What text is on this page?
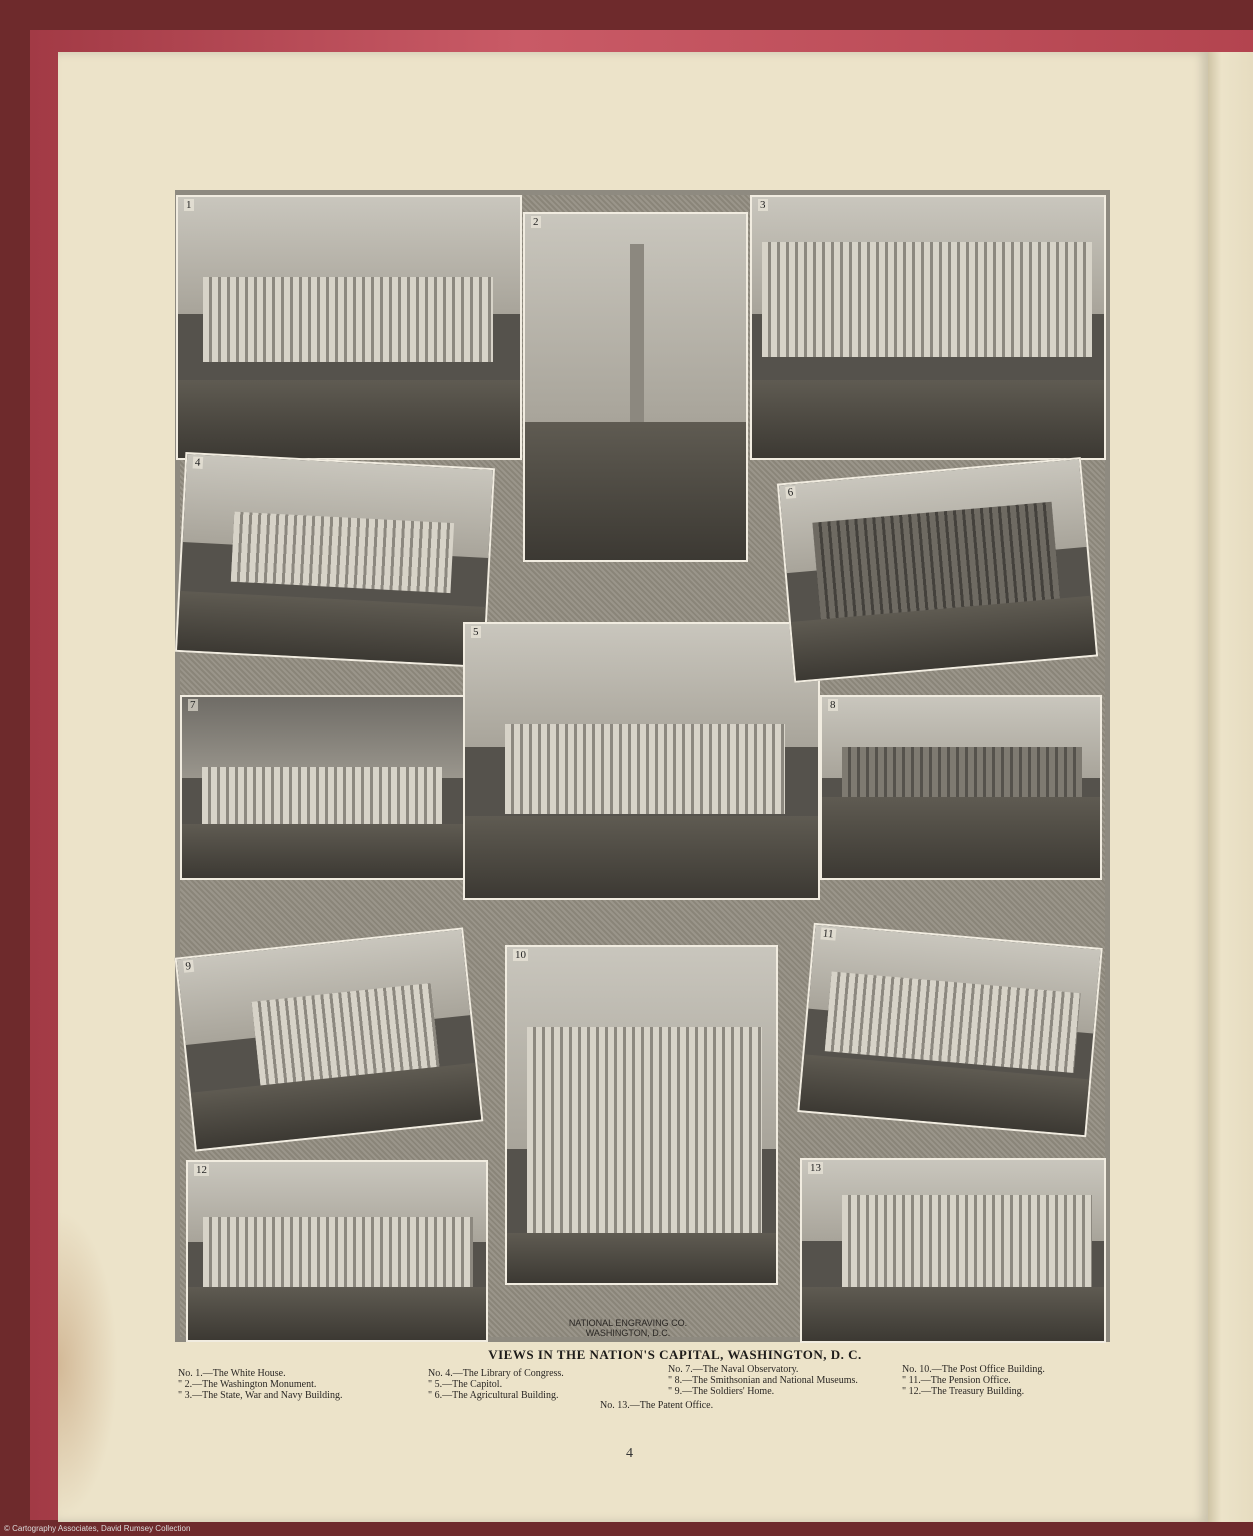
1
2
3
4
5
6
7	8
9
10
11
12	13
NATIONAL ENGRAVING CO.
WASHINGTON, D.C.
VIEWS IN THE NATION'S CAPITAL, WASHINGTON, D. C.
No. 1.—The White House.
" 2.—The Washington Monument.
" 3.—The State, War and Navy Building.
No. 4.—The Library of Congress.
" 5.—The Capitol.
" 6.—The Agricultural Building.
No. 7.—The Naval Observatory.
" 8.—The Smithsonian and National Museums.
" 9.—The Soldiers' Home.
No. 10.—The Post Office Building.
" 11.—The Pension Office.
" 12.—The Treasury Building.
No. 13.—The Patent Office.
4
© Cartography Associates, David Rumsey Collection
